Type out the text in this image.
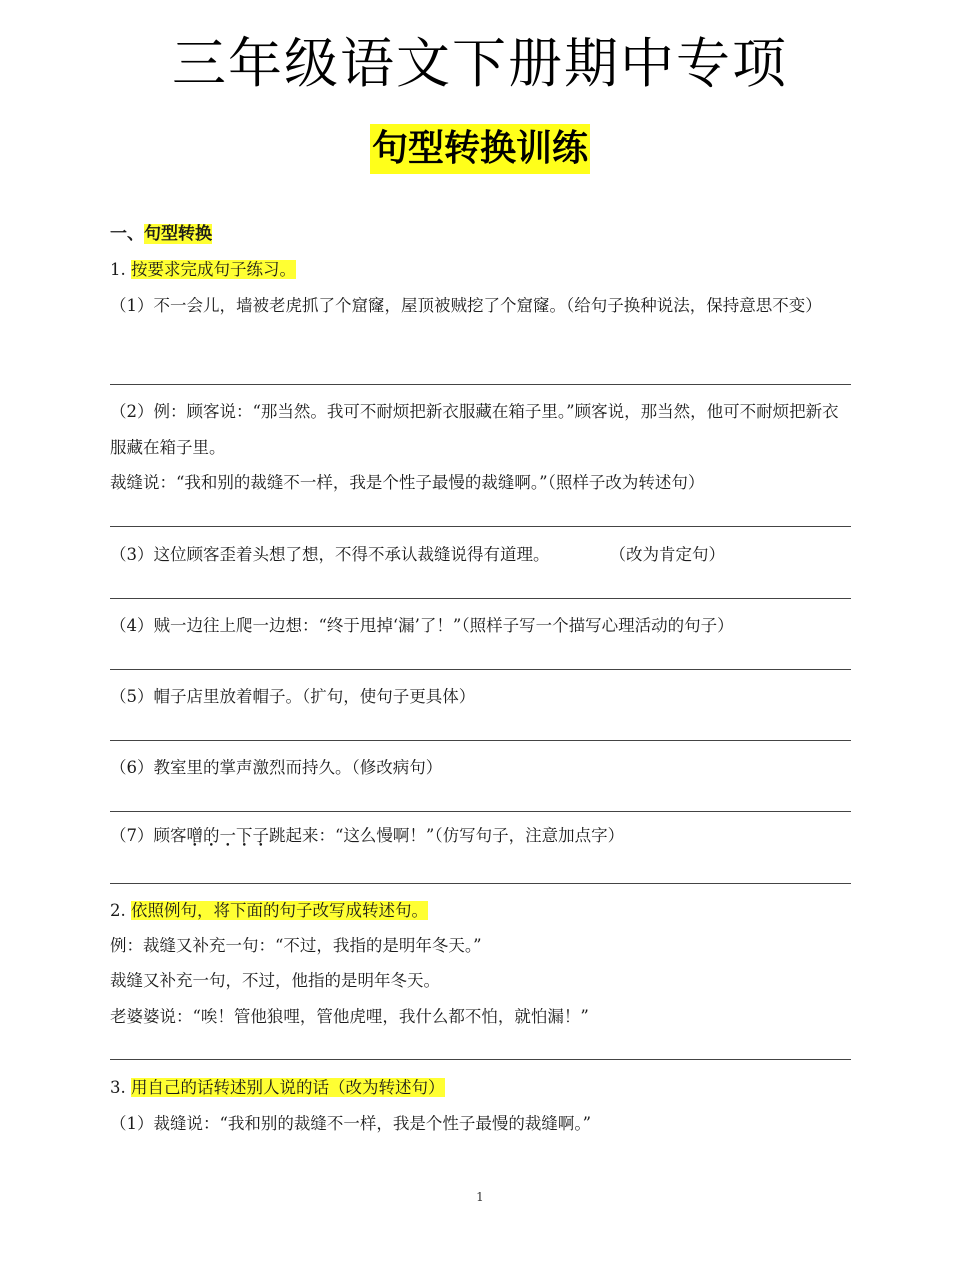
三年级语文下册期中专项
句型转换训练
一、句型转换
1. 按要求完成句子练习。
（1）不一会儿，墙被老虎抓了个窟窿，屋顶被贼挖了个窟窿。（给句子换种说法，保持意思不变）
（2）例：顾客说：“那当然。我可不耐烦把新衣服藏在箱子里。”顾客说，那当然，他可不耐烦把新衣服藏在箱子里。
裁缝说：“我和别的裁缝不一样，我是个性子最慢的裁缝啊。”（照样子改为转述句）
（3）这位顾客歪着头想了想，不得不承认裁缝说得有道理。	（改为肯定句）
（4）贼一边往上爬一边想：“终于甩掉‘漏’了！”（照样子写一个描写心理活动的句子）
（5）帽子店里放着帽子。（扩句，使句子更具体）
（6）教室里的掌声激烈而持久。（修改病句）
（7）顾客噌的一下子跳起来：“这么慢啊！”（仿写句子，注意加点字）
2. 依照例句，将下面的句子改写成转述句。
例：裁缝又补充一句：“不过，我指的是明年冬天。”
裁缝又补充一句，不过，他指的是明年冬天。
老婆婆说：“唉！管他狼哩，管他虎哩，我什么都不怕，就怕漏！”
3. 用自己的话转述别人说的话（改为转述句）
（1）裁缝说：“我和别的裁缝不一样，我是个性子最慢的裁缝啊。”
1
